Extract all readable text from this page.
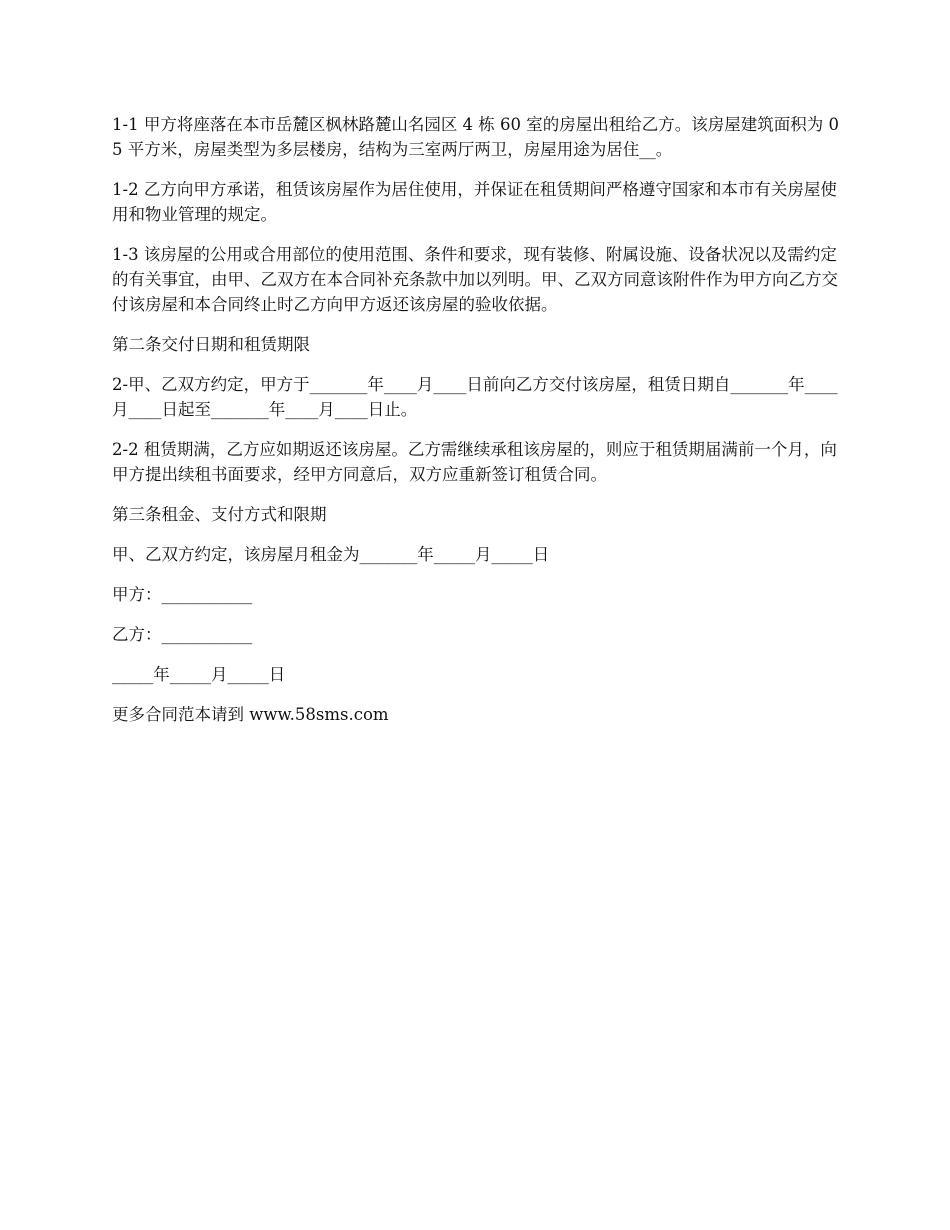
1-1 甲方将座落在本市岳麓区枫林路麓山名园区 4 栋 60 室的房屋出租给乙方。该房屋建筑面积为 05 平方米，房屋类型为多层楼房，结构为三室两厅两卫，房屋用途为居住__。

1-2 乙方向甲方承诺，租赁该房屋作为居住使用，并保证在租赁期间严格遵守国家和本市有关房屋使用和物业管理的规定。

1-3 该房屋的公用或合用部位的使用范围、条件和要求，现有装修、附属设施、设备状况以及需约定的有关事宜，由甲、乙双方在本合同补充条款中加以列明。甲、乙双方同意该附件作为甲方向乙方交付该房屋和本合同终止时乙方向甲方返还该房屋的验收依据。

第二条交付日期和租赁期限

2-甲、乙双方约定，甲方于_______年____月____日前向乙方交付该房屋，租赁日期自_______年____月____日起至_______年____月____日止。

2-2 租赁期满，乙方应如期返还该房屋。乙方需继续承租该房屋的，则应于租赁期届满前一个月，向甲方提出续租书面要求，经甲方同意后，双方应重新签订租赁合同。

第三条租金、支付方式和限期

甲、乙双方约定，该房屋月租金为_______年_____月_____日

甲方：___________

乙方：___________

_____年_____月_____日

更多合同范本请到 www.58sms.com
